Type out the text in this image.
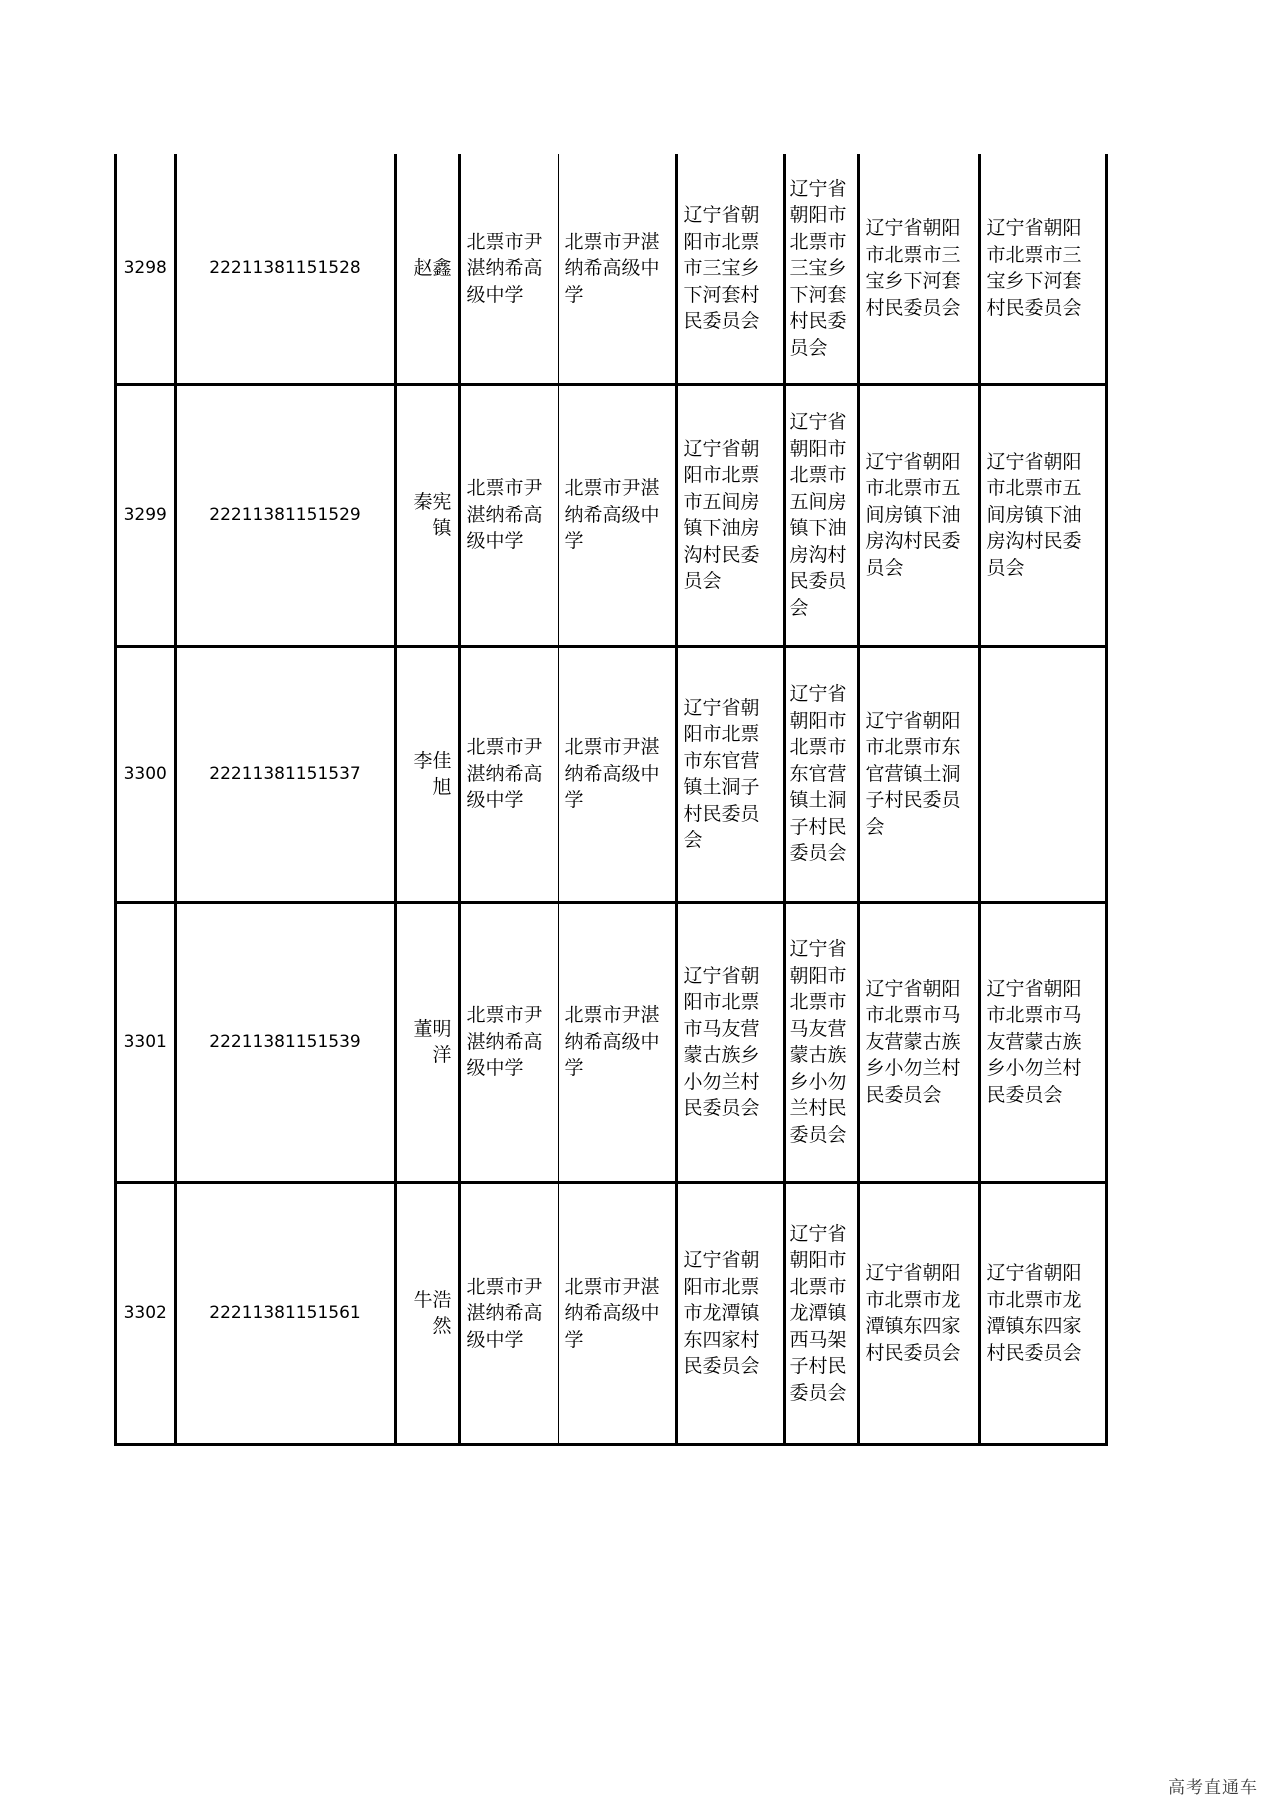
3298	22211381151528	赵鑫	北票市尹湛纳希高级中学	北票市尹湛纳希高级中学	辽宁省朝阳市北票市三宝乡下河套村民委员会	辽宁省朝阳市北票市三宝乡下河套村民委员会	辽宁省朝阳市北票市三宝乡下河套村民委员会	辽宁省朝阳市北票市三宝乡下河套村民委员会
3299	22211381151529	秦宪镇	北票市尹湛纳希高级中学	北票市尹湛纳希高级中学	辽宁省朝阳市北票市五间房镇下油房沟村民委员会	辽宁省朝阳市北票市五间房镇下油房沟村民委员会	辽宁省朝阳市北票市五间房镇下油房沟村民委员会	辽宁省朝阳市北票市五间房镇下油房沟村民委员会
3300	22211381151537	李佳旭	北票市尹湛纳希高级中学	北票市尹湛纳希高级中学	辽宁省朝阳市北票市东官营镇土洞子村民委员会	辽宁省朝阳市北票市东官营镇土洞子村民委员会	辽宁省朝阳市北票市东官营镇土洞子村民委员会	
3301	22211381151539	董明洋	北票市尹湛纳希高级中学	北票市尹湛纳希高级中学	辽宁省朝阳市北票市马友营蒙古族乡小勿兰村民委员会	辽宁省朝阳市北票市马友营蒙古族乡小勿兰村民委员会	辽宁省朝阳市北票市马友营蒙古族乡小勿兰村民委员会	辽宁省朝阳市北票市马友营蒙古族乡小勿兰村民委员会
3302	22211381151561	牛浩然	北票市尹湛纳希高级中学	北票市尹湛纳希高级中学	辽宁省朝阳市北票市龙潭镇东四家村民委员会	辽宁省朝阳市北票市龙潭镇西马架子村民委员会	辽宁省朝阳市北票市龙潭镇东四家村民委员会	辽宁省朝阳市北票市龙潭镇东四家村民委员会
高考直通车
